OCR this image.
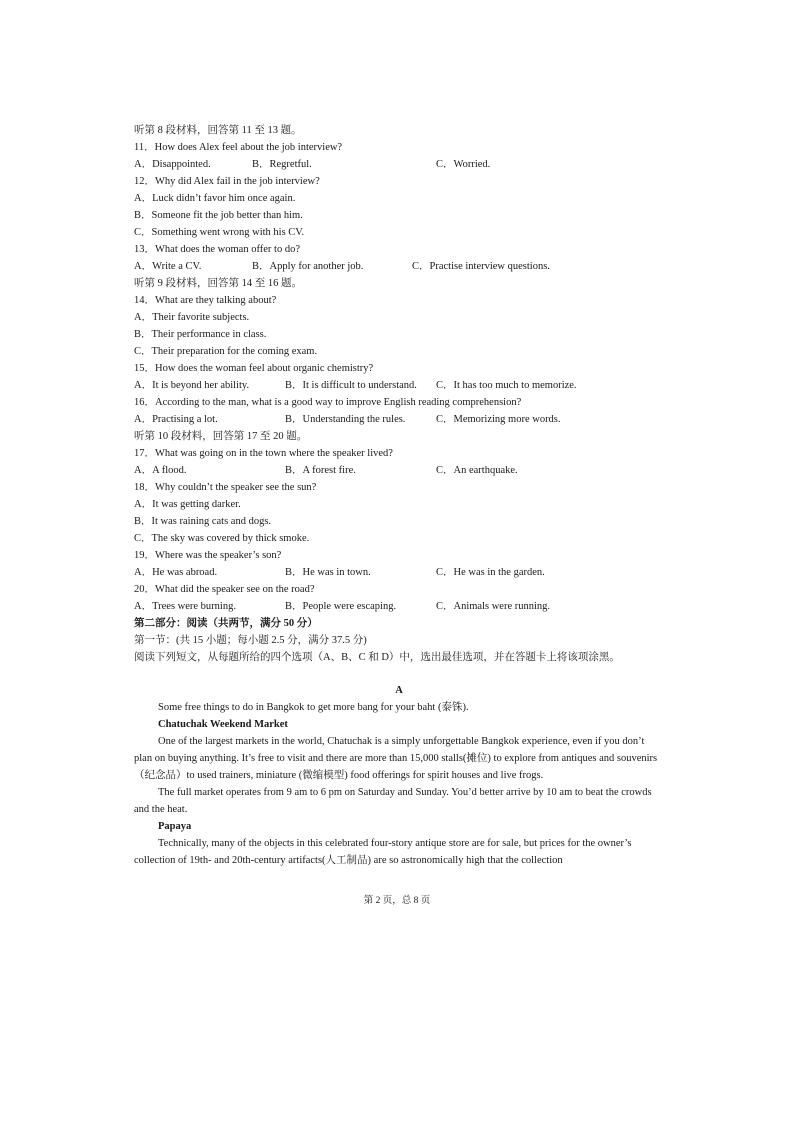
听第 8 段材料，回答第 11 至 13 题。
11．How does Alex feel about the job interview?
A．Disappointed.	B．Regretful.	C．Worried.
12．Why did Alex fail in the job interview?
A．Luck didn’t favor him once again.
B．Someone fit the job better than him.
C．Something went wrong with his CV.
13．What does the woman offer to do?
A．Write a CV.	B．Apply for another job.	C．Practise interview questions.
听第 9 段材料，回答第 14 至 16 题。
14．What are they talking about?
A．Their favorite subjects.
B．Their performance in class.
C．Their preparation for the coming exam.
15．How does the woman feel about organic chemistry?
A．It is beyond her ability.	B．It is difficult to understand. C．It has too much to memorize.
16．According to the man, what is a good way to improve English reading comprehension?
A．Practising a lot.	B．Understanding the rules.	C．Memorizing more words.
听第 10 段材料，回答第 17 至 20 题。
17．What was going on in the town where the speaker lived?
A．A flood.	B．A forest fire.	C．An earthquake.
18．Why couldn’t the speaker see the sun?
A．It was getting darker.
B．It was raining cats and dogs.
C．The sky was covered by thick smoke.
19．Where was the speaker’s son?
A．He was abroad.	B．He was in town.	C．He was in the garden.
20．What did the speaker see on the road?
A．Trees were burning.	B．People were escaping.	C．Animals were running.
第二部分：阅读（共两节，满分 50 分）
第一节：(共 15 小题；每小题 2.5 分，满分 37.5 分)
阅读下列短文，从每题所给的四个选项（A、B、C 和 D）中，选出最佳选项，并在答题卡上将该项涂黑。
A
Some free things to do in Bangkok to get more bang for your baht (泰铢).
Chatuchak Weekend Market

One of the largest markets in the world, Chatuchak is a simply unforgettable Bangkok experience, even if you don’t plan on buying anything. It’s free to visit and there are more than 15,000 stalls(摊位) to explore from antiques and souvenirs（纪念品）to used trainers, miniature (微缩模型) food offerings for spirit houses and live frogs.

The full market operates from 9 am to 6 pm on Saturday and Sunday. You’d better arrive by 10 am to beat the crowds and the heat.

Papaya

Technically, many of the objects in this celebrated four-story antique store are for sale, but prices for the owner’s collection of 19th- and 20th-century artifacts(人工制品) are so astronomically high that the collection

第 2 页，总 8 页
